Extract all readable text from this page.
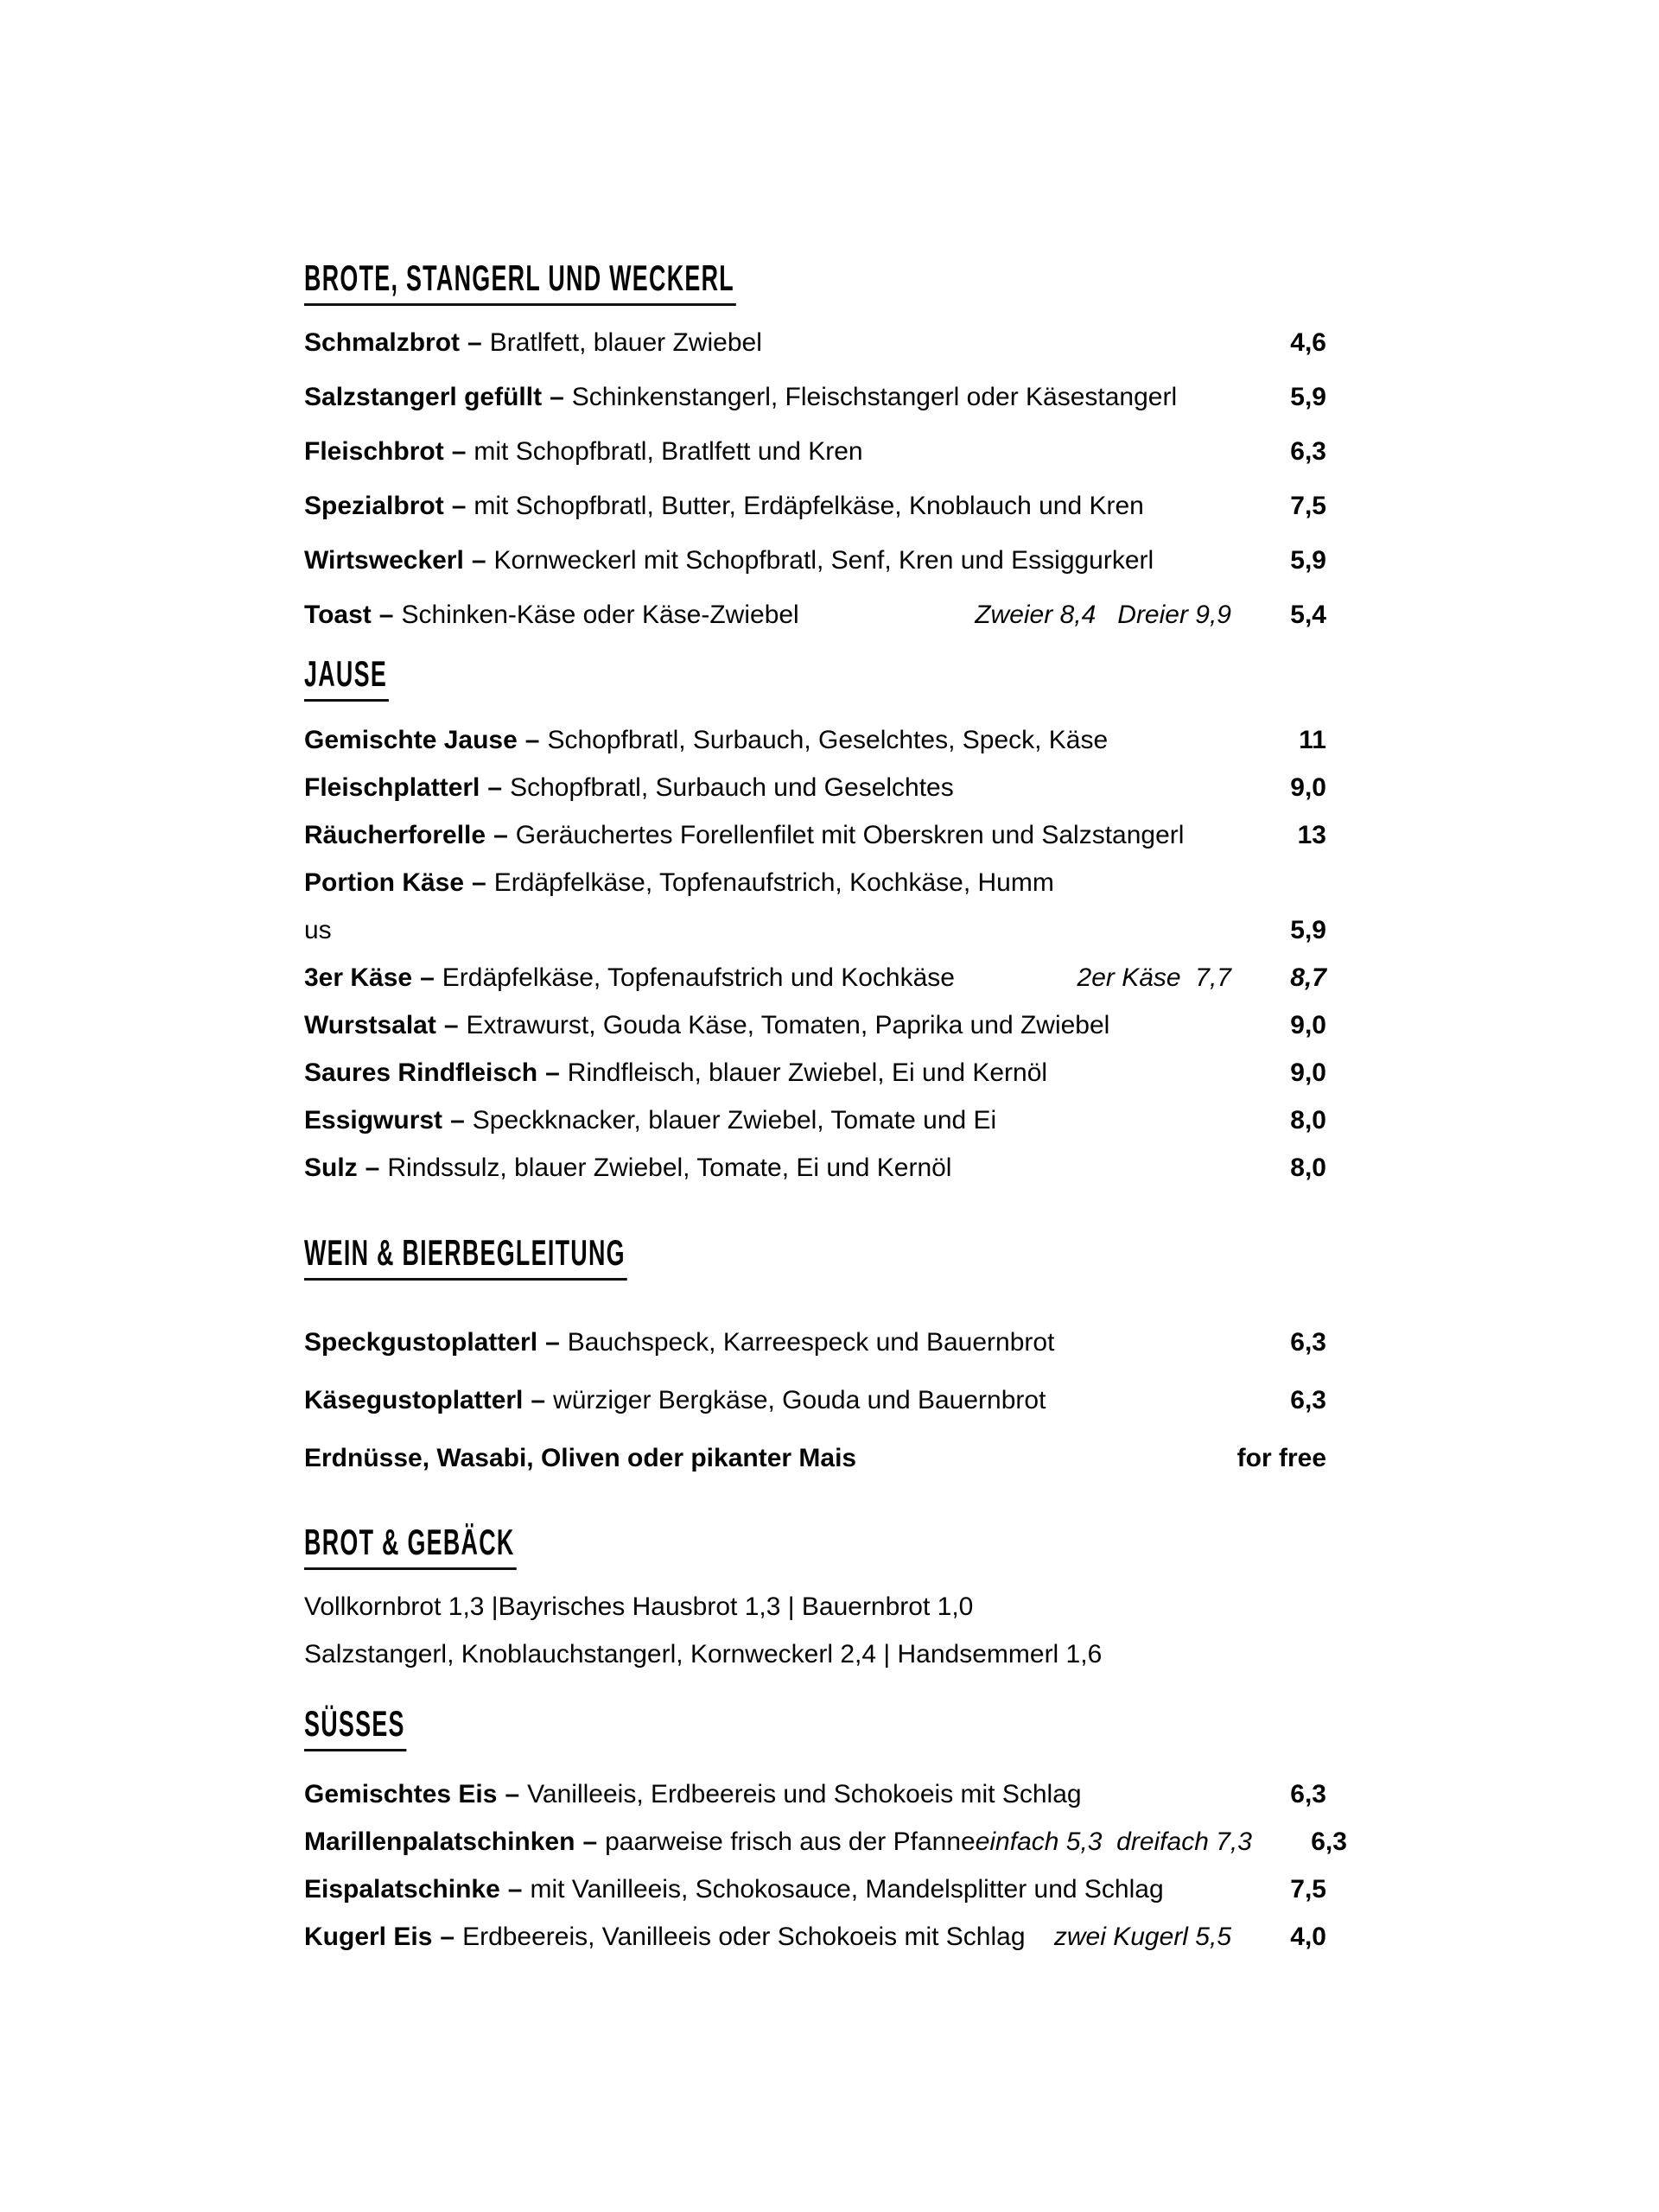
BROTE, STANGERL UND WECKERL
Schmalzbrot – Bratlfett, blauer Zwiebel	4,6
Salzstangerl gefüllt – Schinkenstangerl, Fleischstangerl oder Käsestangerl	5,9
Fleischbrot – mit Schopfbratl, Bratlfett und Kren	6,3
Spezialbrot – mit Schopfbratl, Butter, Erdäpfelkäse, Knoblauch und Kren	7,5
Wirtsweckerl – Kornweckerl mit Schopfbratl, Senf, Kren und Essiggurkerl	5,9
Toast – Schinken-Käse oder Käse-Zwiebel	Zweier 8,4   Dreier 9,9	5,4
JAUSE
Gemischte Jause – Schopfbratl, Surbauch, Geselchtes, Speck, Käse	11
Fleischplatterl – Schopfbratl, Surbauch und Geselchtes	9,0
Räucherforelle – Geräuchertes Forellenfilet mit Oberskren und Salzstangerl	13
Portion Käse – Erdäpfelkäse, Topfenaufstrich, Kochkäse, Humm
us	5,9
3er Käse – Erdäpfelkäse, Topfenaufstrich und Kochkäse	2er Käse  7,7	8,7
Wurstsalat – Extrawurst, Gouda Käse, Tomaten, Paprika und Zwiebel	9,0
Saures Rindfleisch – Rindfleisch, blauer Zwiebel, Ei und Kernöl	9,0
Essigwurst – Speckknacker, blauer Zwiebel, Tomate und Ei	8,0
Sulz – Rindssulz, blauer Zwiebel, Tomate, Ei und Kernöl	8,0
WEIN & BIERBEGLEITUNG
Speckgustoplatterl – Bauchspeck, Karreespeck und Bauernbrot	6,3
Käsegustoplatterl – würziger Bergkäse, Gouda und Bauernbrot	6,3
Erdnüsse, Wasabi, Oliven oder pikanter Mais	for free
BROT & GEBÄCK
Vollkornbrot 1,3 |Bayrisches Hausbrot 1,3 | Bauernbrot 1,0
Salzstangerl, Knoblauchstangerl, Kornweckerl 2,4 | Handsemmerl 1,6
SÜSSES
Gemischtes Eis – Vanilleeis, Erdbeereis und Schokoeis mit Schlag	6,3
Marillenpalatschinken – paarweise frisch aus der Pfanne einfach 5,3  dreifach 7,3	6,3
Eispalatschinke – mit Vanilleeis, Schokosauce, Mandelsplitter und Schlag	7,5
Kugerl Eis – Erdbeereis, Vanilleeis oder Schokoeis mit Schlag	zwei Kugerl 5,5	4,0
